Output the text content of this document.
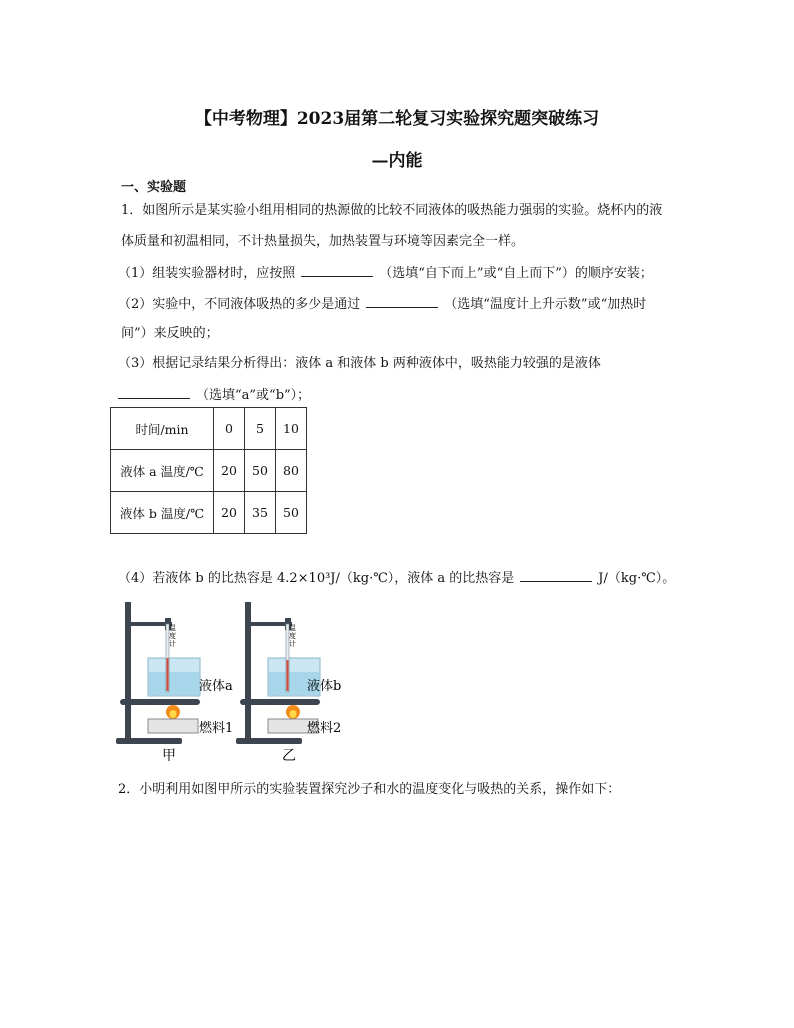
【中考物理】2023届第二轮复习实验探究题突破练习
—内能
一、实验题
1．如图所示是某实验小组用相同的热源做的比较不同液体的吸热能力强弱的实验。烧杯内的液
体质量和初温相同，不计热量损失，加热装置与环境等因素完全一样。
（1）组装实验器材时，应按照	（选填“自下而上”或“自上而下”）的顺序安装；
（2）实验中，不同液体吸热的多少是通过	（选填“温度计上升示数”或“加热时
间”）来反映的；
（3）根据记录结果分析得出：液体 a 和液体 b 两种液体中，吸热能力较强的是液体
（选填“a”或“b”）；
时间/min	0	5	10
液体 a 温度/℃	20	50	80
液体 b 温度/℃	20	35	50
（4）若液体 b 的比热容是 4.2×10³J/（kg·℃），液体 a 的比热容是	J/（kg·℃）。
温
度
计
液体a
燃料1
甲
温
度
计
液体b
燃料2
乙
2．小明利用如图甲所示的实验装置探究沙子和水的温度变化与吸热的关系，操作如下：
